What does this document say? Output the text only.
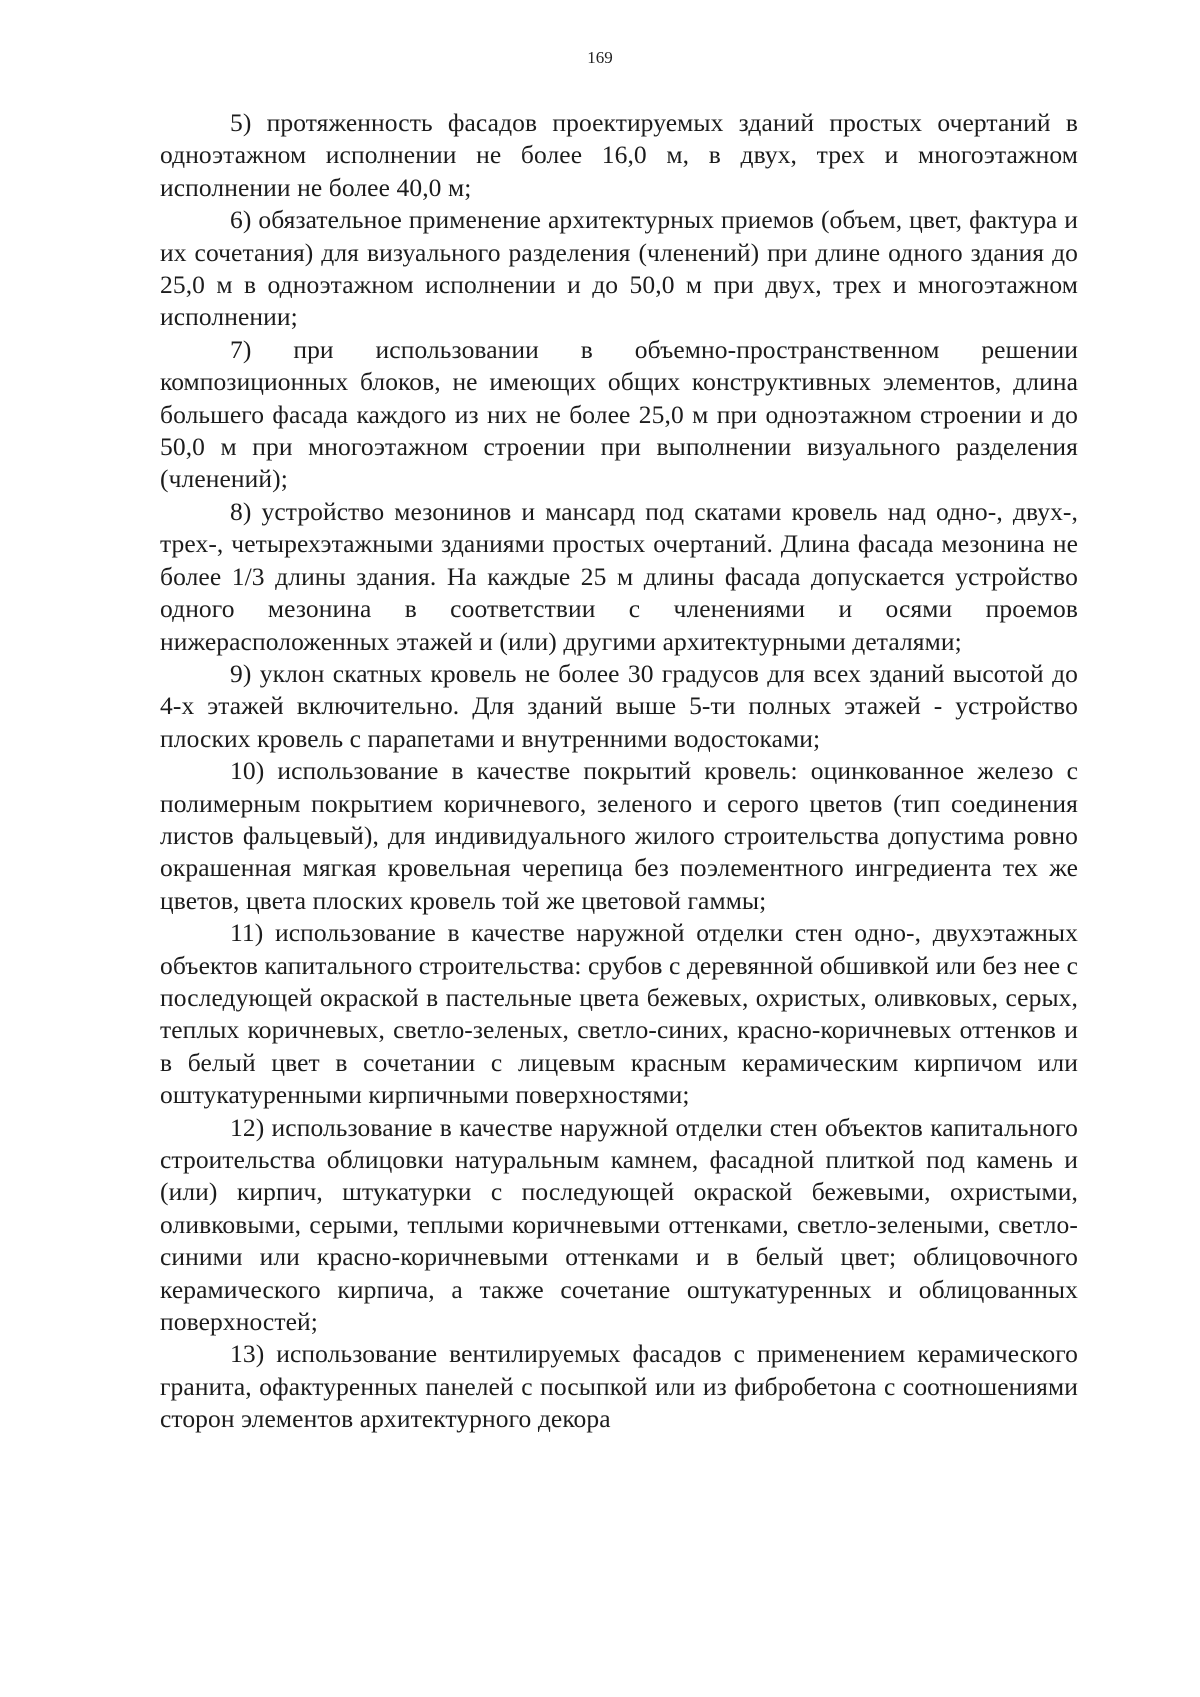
169

5) протяженность фасадов проектируемых зданий простых очертаний в одноэтажном исполнении не более 16,0 м, в двух, трех и многоэтажном исполнении не более 40,0 м;

6) обязательное применение архитектурных приемов (объем, цвет, фактура и их сочетания) для визуального разделения (членений) при длине одного здания до 25,0 м в одноэтажном исполнении и до 50,0 м при двух, трех и многоэтажном исполнении;

7) при использовании в объемно-пространственном решении композиционных блоков, не имеющих общих конструктивных элементов, длина большего фасада каждого из них не более 25,0 м при одноэтажном строении и до 50,0 м при многоэтажном строении при выполнении визуального разделения (членений);

8) устройство мезонинов и мансард под скатами кровель над одно-, двух-, трех-, четырехэтажными зданиями простых очертаний. Длина фасада мезонина не более 1/3 длины здания. На каждые 25 м длины фасада допускается устройство одного мезонина в соответствии с членениями и осями проемов нижерасположенных этажей и (или) другими архитектурными деталями;

9) уклон скатных кровель не более 30 градусов для всех зданий высотой до 4-х этажей включительно. Для зданий выше 5-ти полных этажей - устройство плоских кровель с парапетами и внутренними водостоками;

10) использование в качестве покрытий кровель: оцинкованное железо с полимерным покрытием коричневого, зеленого и серого цветов (тип соединения листов фальцевый), для индивидуального жилого строительства допустима ровно окрашенная мягкая кровельная черепица без поэлементного ингредиента тех же цветов, цвета плоских кровель той же цветовой гаммы;

11) использование в качестве наружной отделки стен одно-, двухэтажных объектов капитального строительства: срубов с деревянной обшивкой или без нее с последующей окраской в пастельные цвета бежевых, охристых, оливковых, серых, теплых коричневых, светло-зеленых, светло-синих, красно-коричневых оттенков и в белый цвет в сочетании с лицевым красным керамическим кирпичом или оштукатуренными кирпичными поверхностями;

12) использование в качестве наружной отделки стен объектов капитального строительства облицовки натуральным камнем, фасадной плиткой под камень и (или) кирпич, штукатурки с последующей окраской бежевыми, охристыми, оливковыми, серыми, теплыми коричневыми оттенками, светло-зелеными, светло-синими или красно-коричневыми оттенками и в белый цвет; облицовочного керамического кирпича, а также сочетание оштукатуренных и облицованных поверхностей;

13) использование вентилируемых фасадов с применением керамического гранита, офактуренных панелей с посыпкой или из фибробетона с соотношениями сторон элементов архитектурного декора
